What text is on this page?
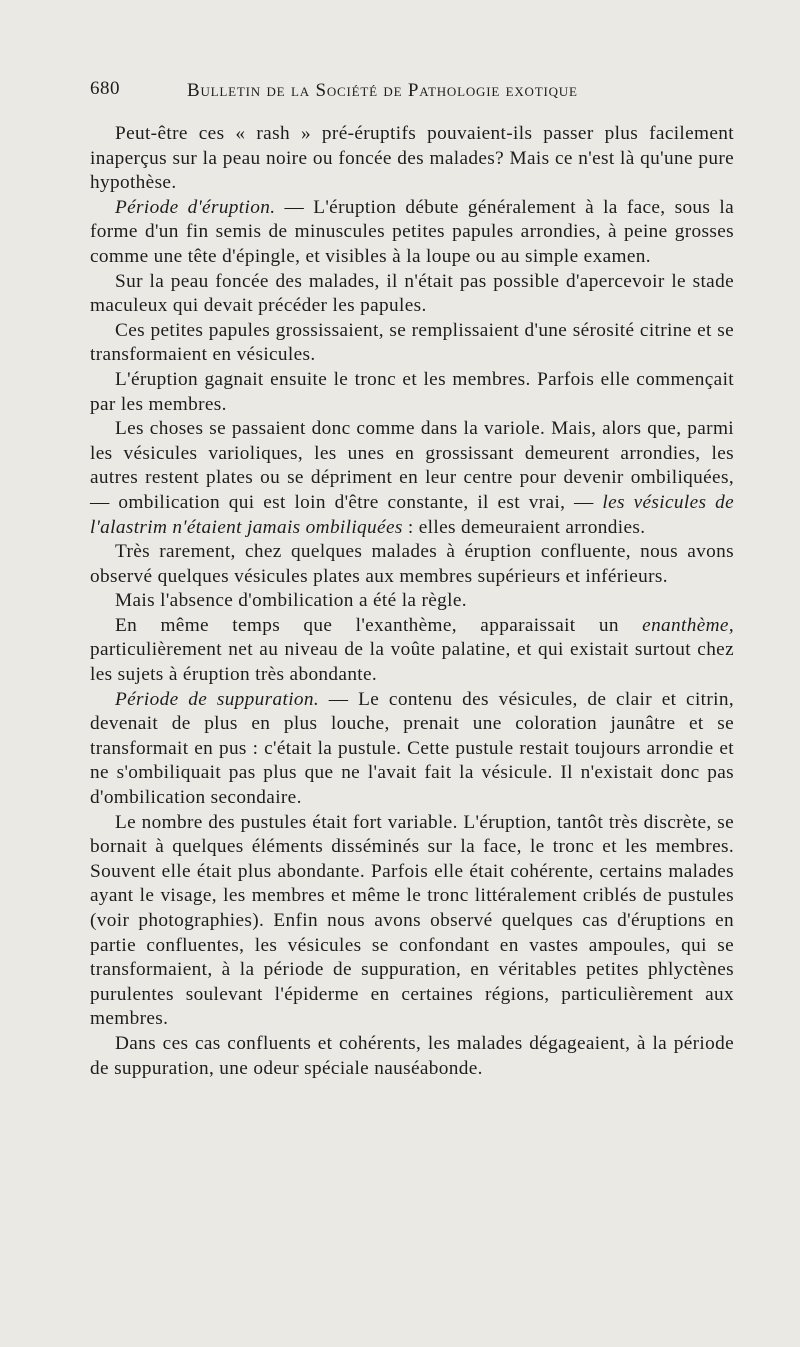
680	Bulletin de la Société de Pathologie exotique

Peut-être ces « rash » pré-éruptifs pouvaient-ils passer plus facilement inaperçus sur la peau noire ou foncée des malades? Mais ce n'est là qu'une pure hypothèse.

Période d'éruption. — L'éruption débute généralement à la face, sous la forme d'un fin semis de minuscules petites papules arrondies, à peine grosses comme une tête d'épingle, et visibles à la loupe ou au simple examen.

Sur la peau foncée des malades, il n'était pas possible d'apercevoir le stade maculeux qui devait précéder les papules.

Ces petites papules grossissaient, se remplissaient d'une sérosité citrine et se transformaient en vésicules.

L'éruption gagnait ensuite le tronc et les membres. Parfois elle commençait par les membres.

Les choses se passaient donc comme dans la variole. Mais, alors que, parmi les vésicules varioliques, les unes en grossissant demeurent arrondies, les autres restent plates ou se dépriment en leur centre pour devenir ombiliquées, — ombilication qui est loin d'être constante, il est vrai, — les vésicules de l'alastrim n'étaient jamais ombiliquées : elles demeuraient arrondies.

Très rarement, chez quelques malades à éruption confluente, nous avons observé quelques vésicules plates aux membres supérieurs et inférieurs.

Mais l'absence d'ombilication a été la règle.

En même temps que l'exanthème, apparaissait un enanthème, particulièrement net au niveau de la voûte palatine, et qui existait surtout chez les sujets à éruption très abondante.

Période de suppuration. — Le contenu des vésicules, de clair et citrin, devenait de plus en plus louche, prenait une coloration jaunâtre et se transformait en pus : c'était la pustule. Cette pustule restait toujours arrondie et ne s'ombiliquait pas plus que ne l'avait fait la vésicule. Il n'existait donc pas d'ombilication secondaire.

Le nombre des pustules était fort variable. L'éruption, tantôt très discrète, se bornait à quelques éléments disséminés sur la face, le tronc et les membres. Souvent elle était plus abondante. Parfois elle était cohérente, certains malades ayant le visage, les membres et même le tronc littéralement criblés de pustules (voir photographies). Enfin nous avons observé quelques cas d'éruptions en partie confluentes, les vésicules se confondant en vastes ampoules, qui se transformaient, à la période de suppuration, en véritables petites phlyctènes purulentes soulevant l'épiderme en certaines régions, particulièrement aux membres.

Dans ces cas confluents et cohérents, les malades dégageaient, à la période de suppuration, une odeur spéciale nauséabonde.
